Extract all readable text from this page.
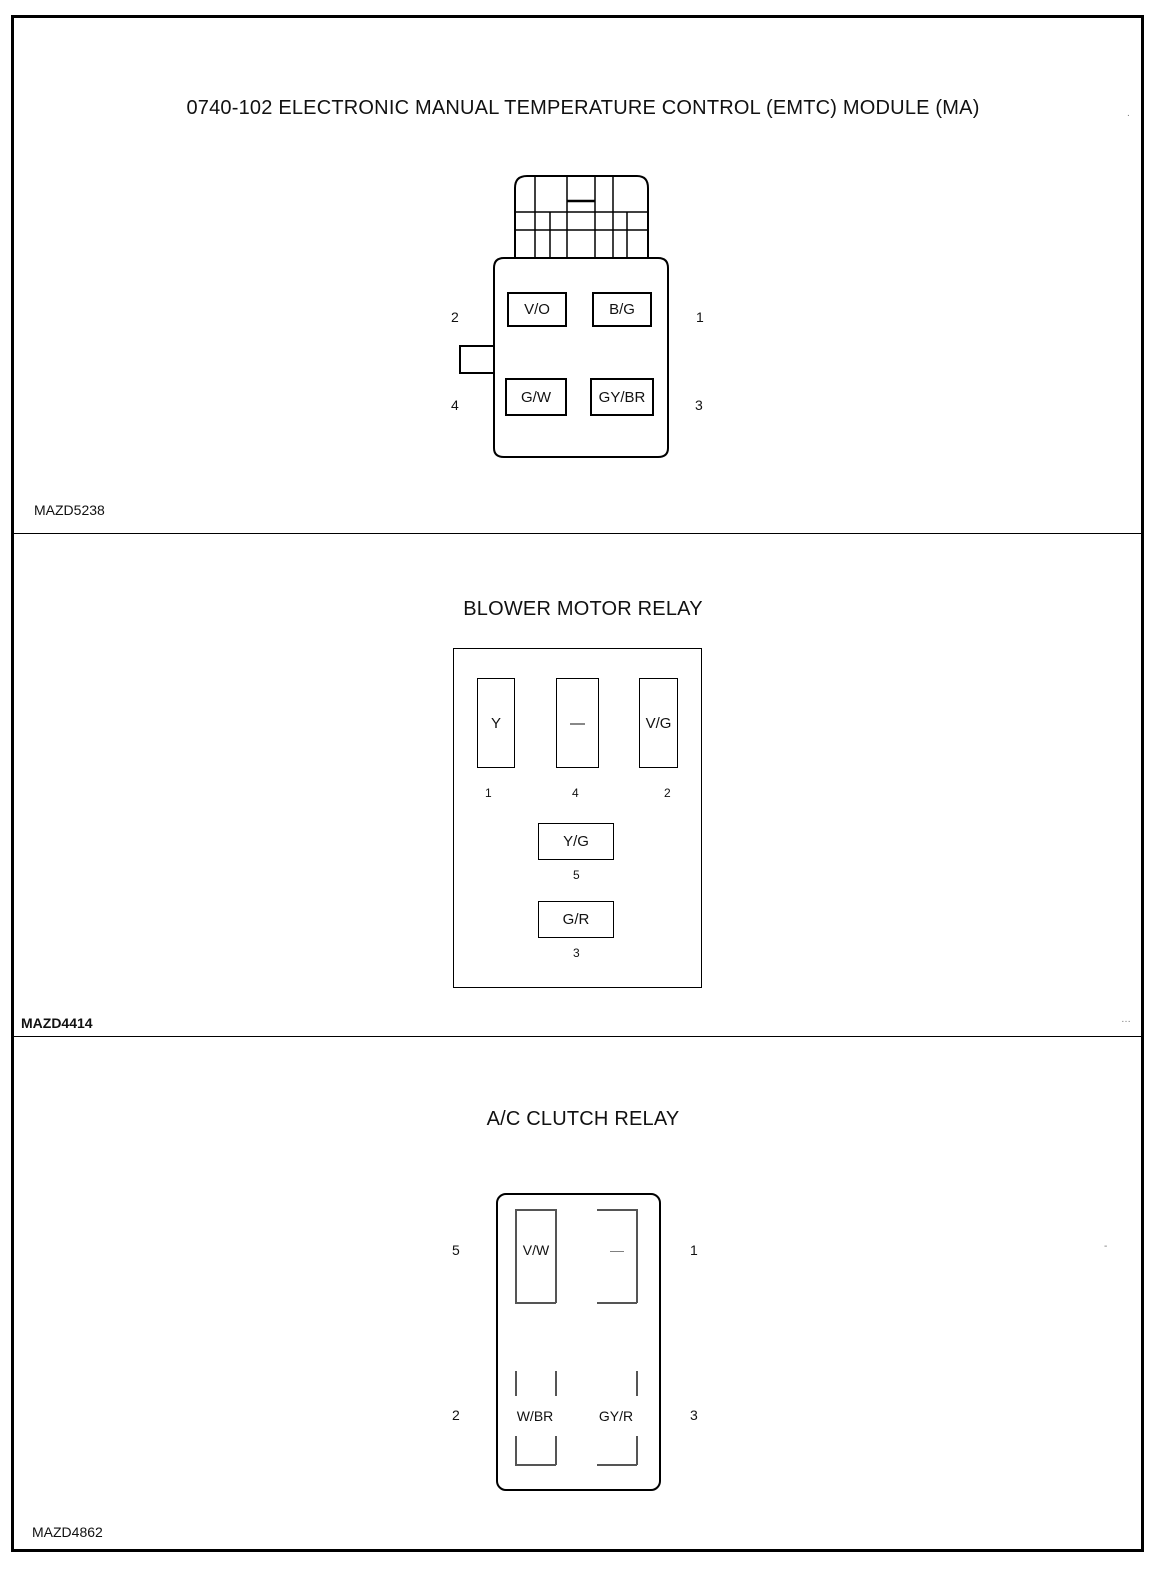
0740-102 ELECTRONIC MANUAL TEMPERATURE CONTROL (EMTC) MODULE (MA)
V/O	B/G
G/W	GY/BR
2	1
4	3
MAZD5238
.
BLOWER MOTOR RELAY
Y	—	V/G
Y/G
G/R
1	4	2
5
3
MAZD4414	…
A/C CLUTCH RELAY
V/W	—
W/BR	GY/R
5	1
2	3
MAZD4862
-
